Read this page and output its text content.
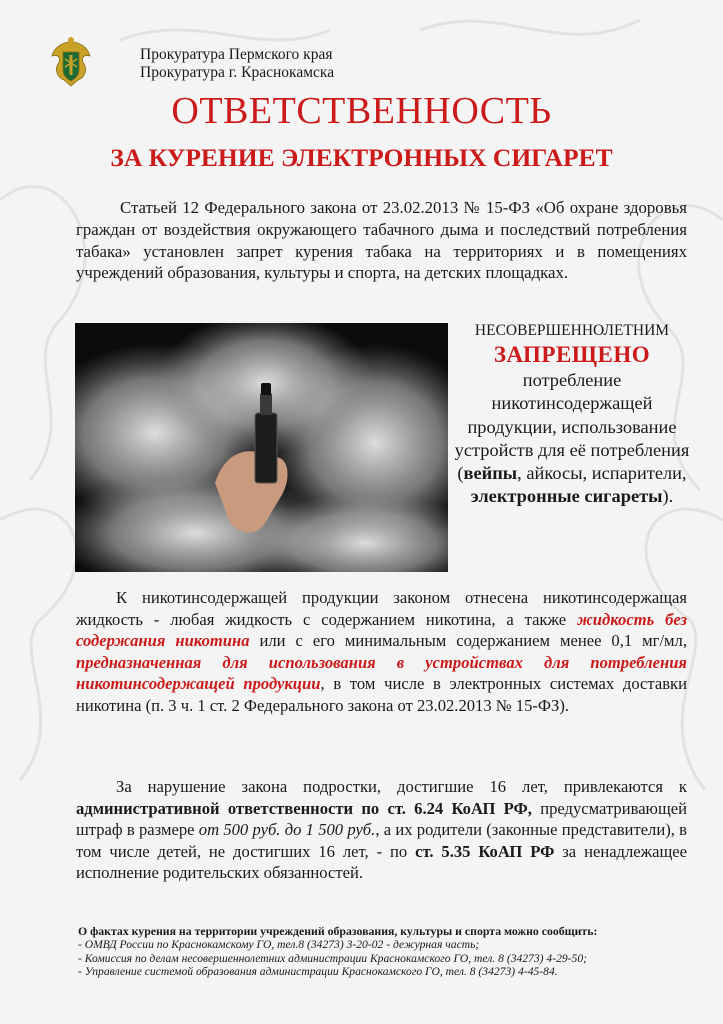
Прокуратура Пермского края
Прокуратура г. Краснокамска
ОТВЕТСТВЕННОСТЬ
ЗА КУРЕНИЕ ЭЛЕКТРОННЫХ СИГАРЕТ
Статьей 12 Федерального закона от 23.02.2013 № 15-ФЗ «Об охране здоровья граждан от воздействия окружающего табачного дыма и последствий потребления табака» установлен запрет курения табака на территориях и в помещениях учреждений образования, культуры и спорта, на детских площадках.
НЕСОВЕРШЕННОЛЕТНИМ
ЗАПРЕЩЕНО
потребление никотинсодержащей продукции, использование устройств для её потребления (вейпы, айкосы, испарители, электронные сигареты).
К никотинсодержащей продукции законом отнесена никотинсодержащая жидкость - любая жидкость с содержанием никотина, а также жидкость без содержания никотина или с его минимальным содержанием менее 0,1 мг/мл, предназначенная для использования в устройствах для потребления никотинсодержащей продукции, в том числе в электронных системах доставки никотина (п. 3 ч. 1 ст. 2 Федерального закона от 23.02.2013 № 15-ФЗ).
За нарушение закона подростки, достигшие 16 лет, привлекаются к административной ответственности по ст. 6.24 КоАП РФ, предусматривающей штраф в размере от 500 руб. до 1 500 руб., а их родители (законные представители), в том числе детей, не достигших 16 лет, - по ст. 5.35 КоАП РФ за ненадлежащее исполнение родительских обязанностей.
О фактах курения на территории учреждений образования, культуры и спорта можно сообщить:
- ОМВД России по Краснокамскому ГО, тел.8 (34273) 3-20-02 - дежурная часть;
- Комиссия по делам несовершеннолетних администрации Краснокамского ГО, тел. 8 (34273) 4-29-50;
- Управление системой образования администрации Краснокамского ГО, тел. 8 (34273) 4-45-84.
